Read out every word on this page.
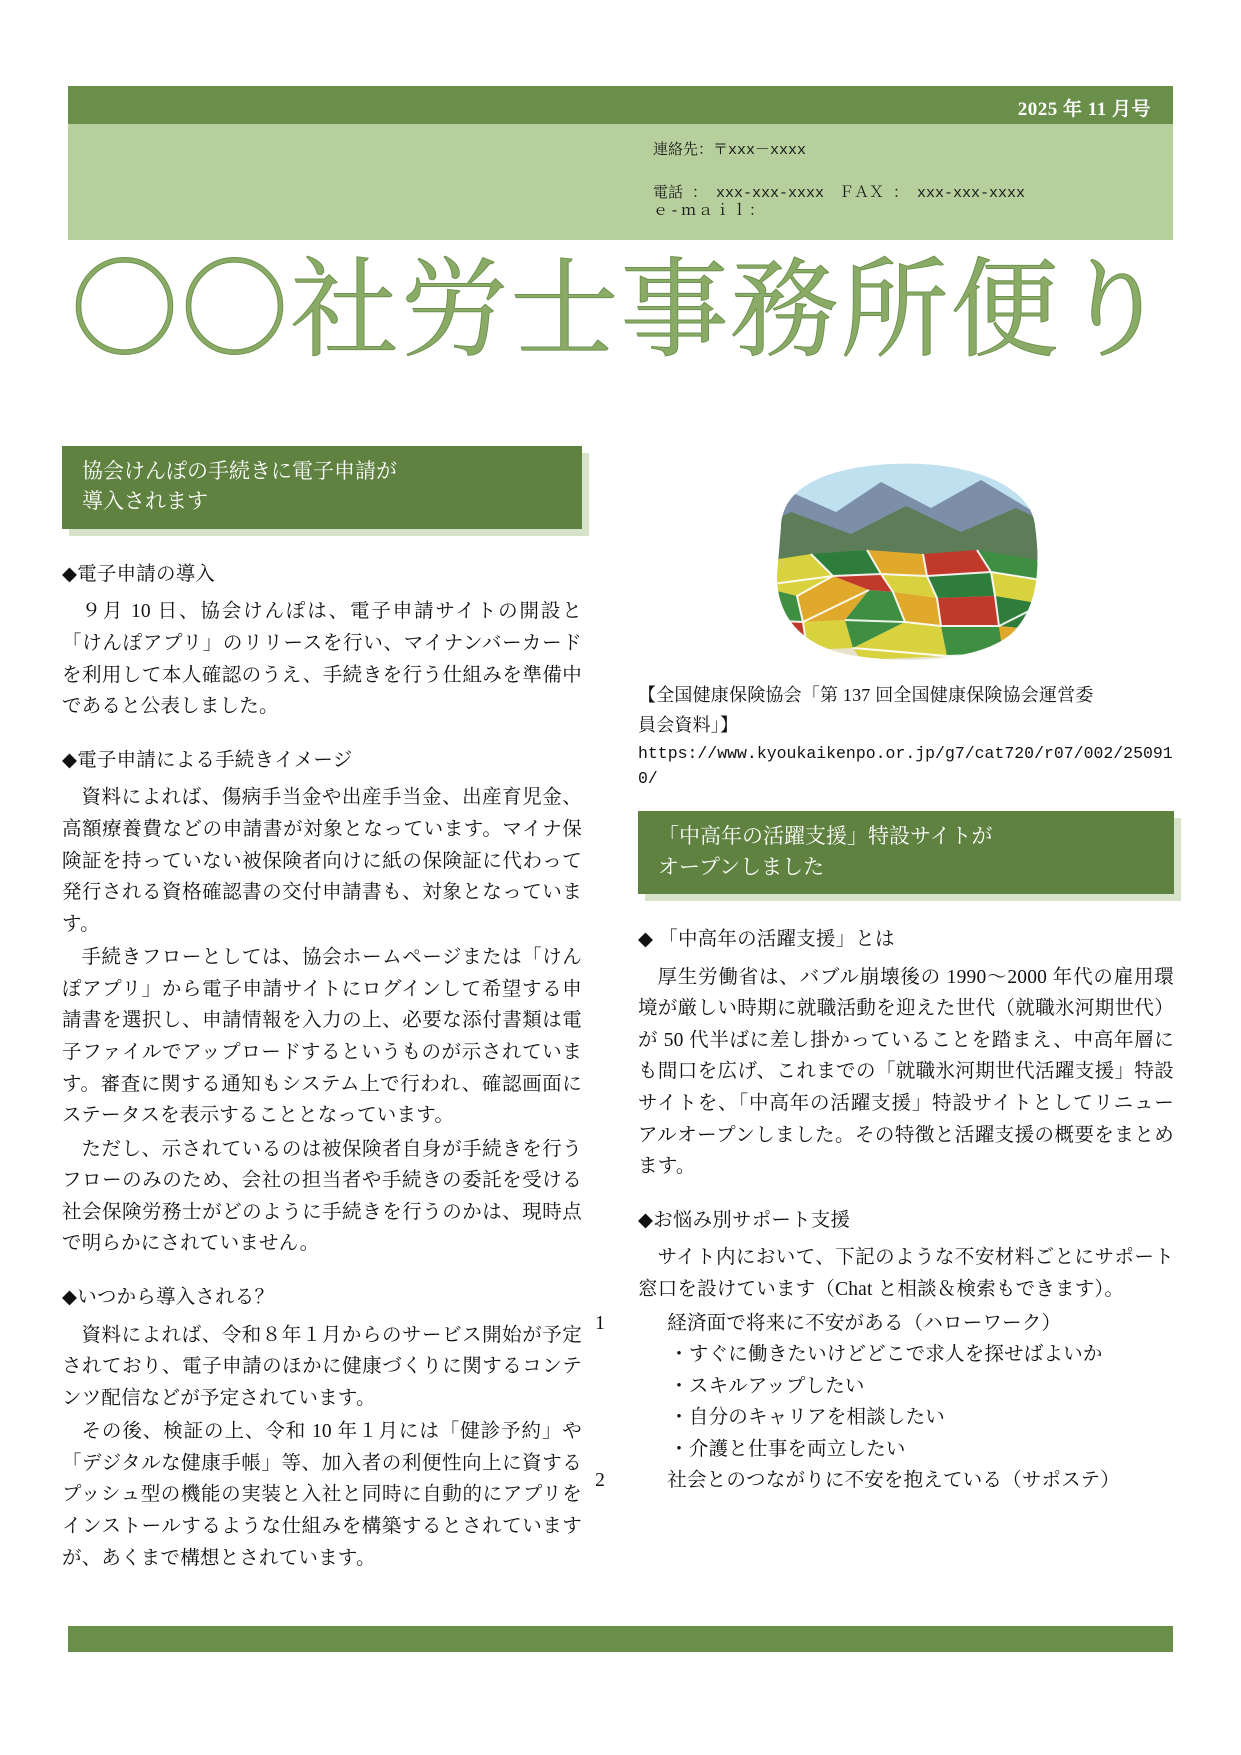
2025 年 11 月号
連絡先：〒xxx－xxxx
電話 ： xxx-xxx-xxxx　ＦＡＸ ： xxx-xxx-xxxx
ｅ-ｍａｉｌ：
〇〇社労士事務所便り
協会けんぽの手続きに電子申請が
導入されます
◆電子申請の導入

９月 10 日、協会けんぽは、電子申請サイトの開設と「けんぽアプリ」のリリースを行い、マイナンバーカードを利用して本人確認のうえ、手続きを行う仕組みを準備中であると公表しました。

◆電子申請による手続きイメージ

資料によれば、傷病手当金や出産手当金、出産育児金、高額療養費などの申請書が対象となっています。マイナ保険証を持っていない被保険者向けに紙の保険証に代わって発行される資格確認書の交付申請書も、対象となっています。

手続きフローとしては、協会ホームページまたは「けんぽアプリ」から電子申請サイトにログインして希望する申請書を選択し、申請情報を入力の上、必要な添付書類は電子ファイルでアップロードするというものが示されています。審査に関する通知もシステム上で行われ、確認画面にステータスを表示することとなっています。

ただし、示されているのは被保険者自身が手続きを行うフローのみのため、会社の担当者や手続きの委託を受ける社会保険労務士がどのように手続きを行うのかは、現時点で明らかにされていません。

◆いつから導入される？

資料によれば、令和８年１月からのサービス開始が予定されており、電子申請のほかに健康づくりに関するコンテンツ配信などが予定されています。

その後、検証の上、令和 10 年１月には「健診予約」や「デジタルな健康手帳」等、加入者の利便性向上に資するプッシュ型の機能の実装と入社と同時に自動的にアプリをインストールするような仕組みを構築するとされていますが、あくまで構想とされています。

【全国健康保険協会「第 137 回全国健康保険協会運営委

員会資料」】

https://www.kyoukaikenpo.or.jp/g7/cat720/r07/002/250910/

「中高年の活躍支援」特設サイトが
オープンしました
◆ 「中高年の活躍支援」とは

厚生労働省は、バブル崩壊後の 1990〜2000 年代の雇用環境が厳しい時期に就職活動を迎えた世代（就職氷河期世代）が 50 代半ばに差し掛かっていることを踏まえ、中高年層にも間口を広げ、これまでの「就職氷河期世代活躍支援」特設サイトを、「中高年の活躍支援」特設サイトとしてリニューアルオープンしました。その特徴と活躍支援の概要をまとめます。

◆お悩み別サポート支援

サイト内において、下記のような不安材料ごとにサポート窓口を設けています（Chat と相談＆検索もできます）。

1	経済面で将来に不安がある（ハローワーク）

・すぐに働きたいけどどこで求人を探せばよいか

・スキルアップしたい

・自分のキャリアを相談したい

・介護と仕事を両立したい

2	社会とのつながりに不安を抱えている（サポステ）
